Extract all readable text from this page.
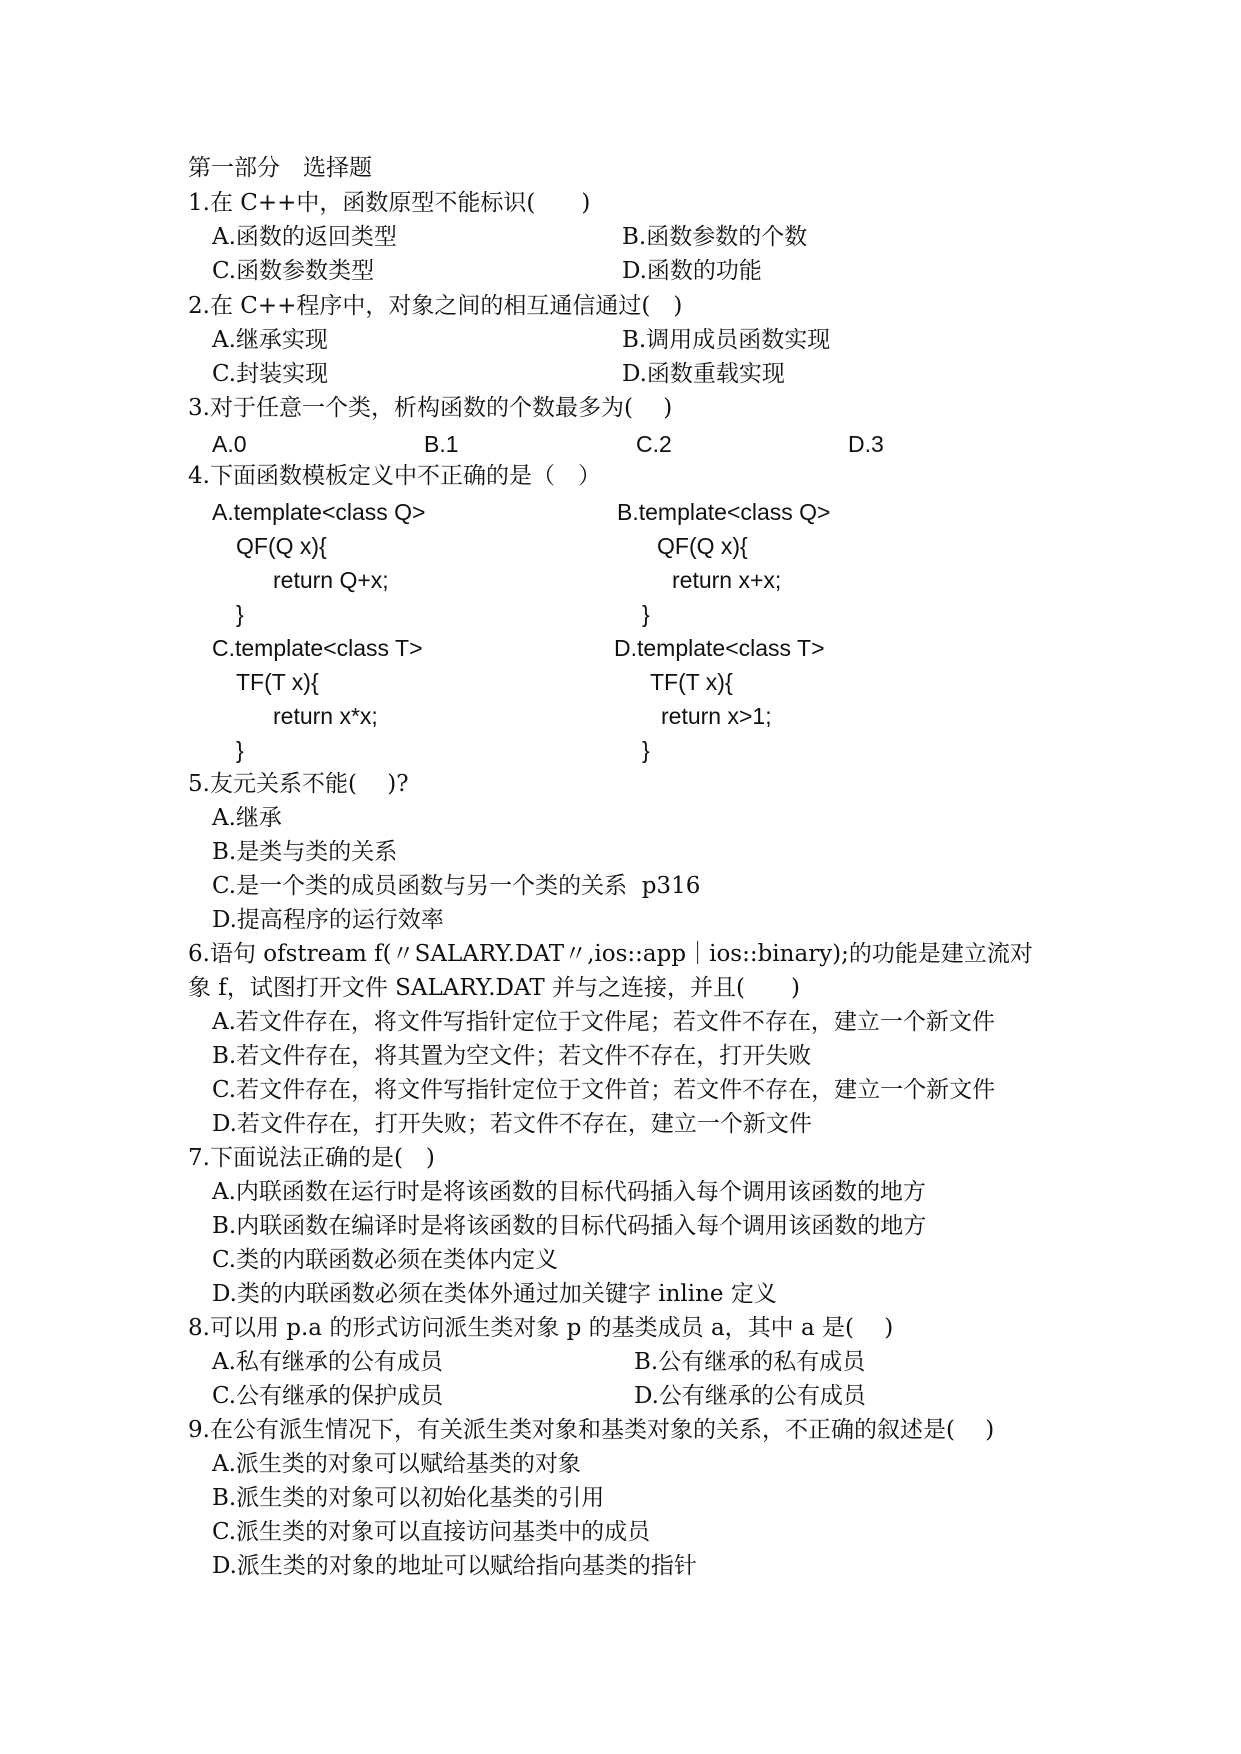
第一部分　选择题
1.在 C++中，函数原型不能标识(　　)
A.函数的返回类型	B.函数参数的个数
C.函数参数类型	D.函数的功能
2.在 C++程序中，对象之间的相互通信通过(　)
A.继承实现	B.调用成员函数实现
C.封装实现	D.函数重载实现
3.对于任意一个类，析构函数的个数最多为(　 )
A.0	B.1	C.2	D.3
4.下面函数模板定义中不正确的是（　）
A.template<class Q>
QF(Q x){
return Q+x;
}
B.template<class Q>
QF(Q x){
return x+x;
}
C.template<class T>
TF(T x){
return x*x;
}
D.template<class T>
TF(T x){
return x>1;
}
5.友元关系不能(　 )?
A.继承
B.是类与类的关系
C.是一个类的成员函数与另一个类的关系  p316
D.提高程序的运行效率
6.语句 ofstream f(〃SALARY.DAT〃,ios::app｜ios::binary);的功能是建立流对
象 f，试图打开文件 SALARY.DAT 并与之连接，并且(　　)
A.若文件存在，将文件写指针定位于文件尾；若文件不存在，建立一个新文件
B.若文件存在，将其置为空文件；若文件不存在，打开失败
C.若文件存在，将文件写指针定位于文件首；若文件不存在，建立一个新文件
D.若文件存在，打开失败；若文件不存在，建立一个新文件
7.下面说法正确的是(　)
A.内联函数在运行时是将该函数的目标代码插入每个调用该函数的地方
B.内联函数在编译时是将该函数的目标代码插入每个调用该函数的地方
C.类的内联函数必须在类体内定义
D.类的内联函数必须在类体外通过加关键字 inline 定义
8.可以用 p.a 的形式访问派生类对象 p 的基类成员 a，其中 a 是(　 )
A.私有继承的公有成员	B.公有继承的私有成员
C.公有继承的保护成员	D.公有继承的公有成员
9.在公有派生情况下，有关派生类对象和基类对象的关系，不正确的叙述是(　 )
A.派生类的对象可以赋给基类的对象
B.派生类的对象可以初始化基类的引用
C.派生类的对象可以直接访问基类中的成员
D.派生类的对象的地址可以赋给指向基类的指针
